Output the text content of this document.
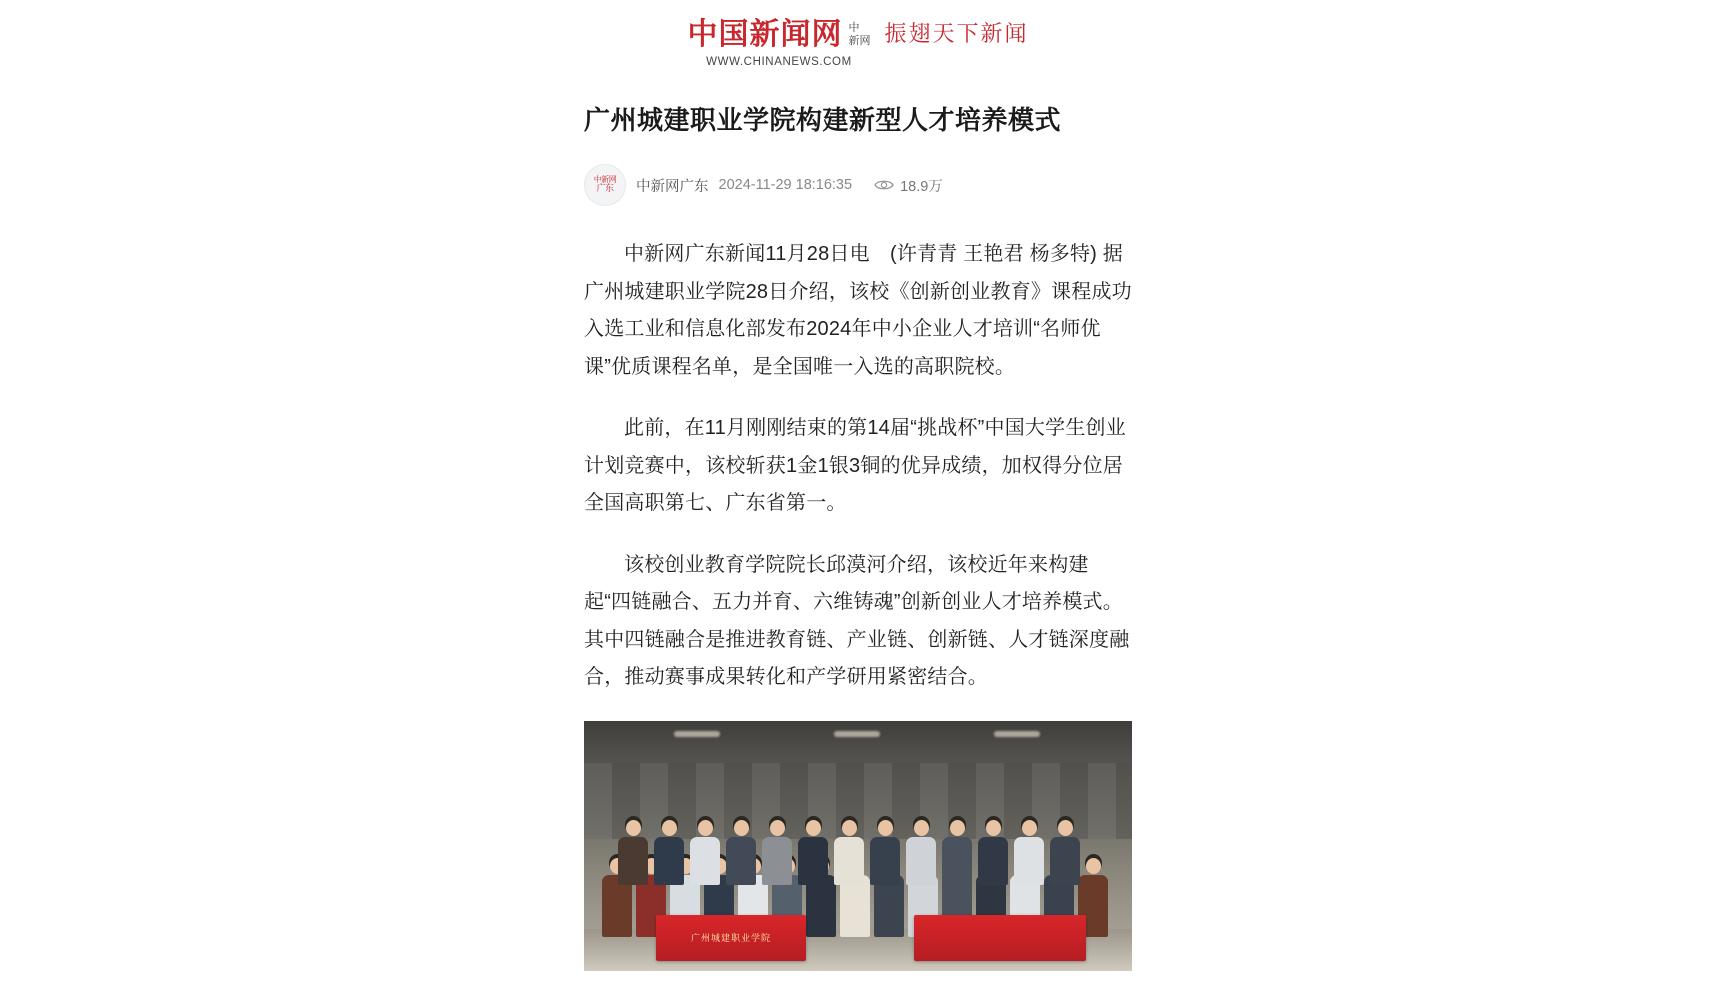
中国新闻网 中
新网
WWW.CHINANEWS.COM
振翅天下新闻
广州城建职业学院构建新型人才培养模式
中新网
广东 中新网广东 2024-11-29 18:16:35	18.9万

中新网广东新闻11月28日电　(许青青 王艳君 杨多特) 据广州城建职业学院28日介绍，该校《创新创业教育》课程成功入选工业和信息化部发布2024年中小企业人才培训“名师优课”优质课程名单，是全国唯一入选的高职院校。

此前，在11月刚刚结束的第14届“挑战杯”中国大学生创业计划竞赛中，该校斩获1金1银3铜的优异成绩，加权得分位居全国高职第七、广东省第一。

该校创业教育学院院长邱漠河介绍，该校近年来构建起“四链融合、五力并育、六维铸魂”创新创业人才培养模式。其中四链融合是推进教育链、产业链、创新链、人才链深度融合，推动赛事成果转化和产学研用紧密结合。

广州城建职业学院
